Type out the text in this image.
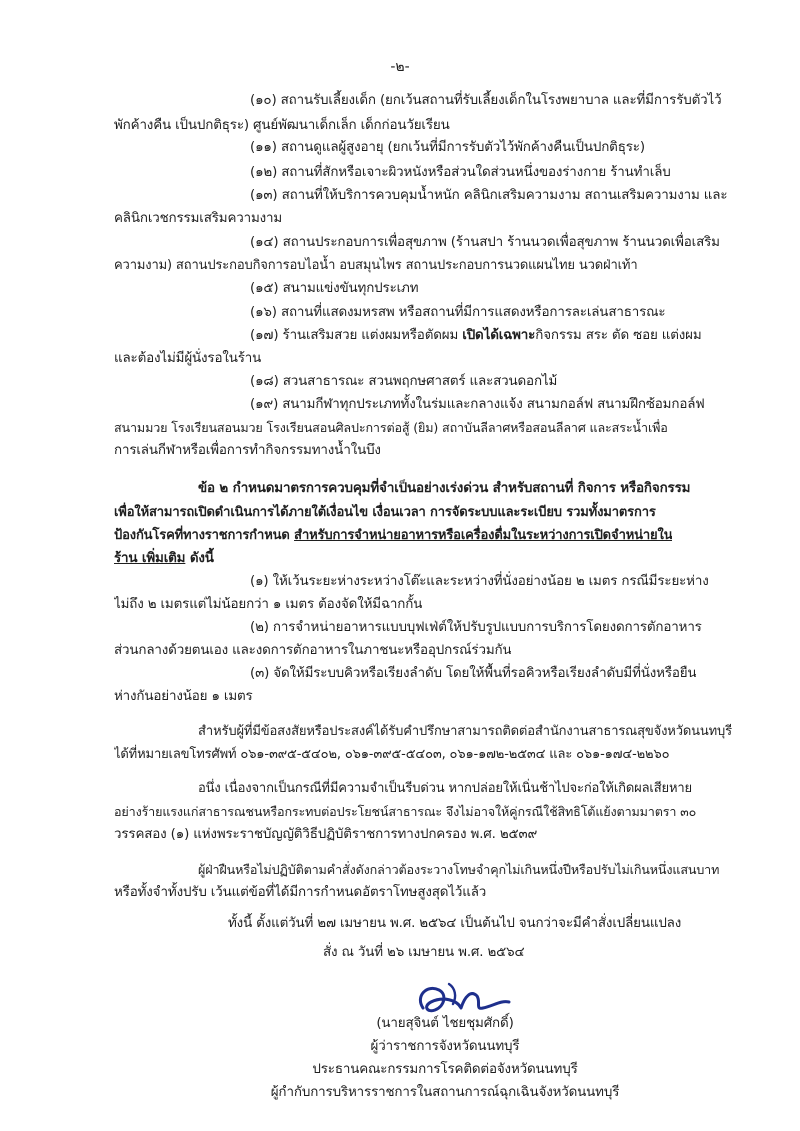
-๒-
(๑๐) สถานรับเลี้ยงเด็ก (ยกเว้นสถานที่รับเลี้ยงเด็กในโรงพยาบาล และที่มีการรับตัวไว้
พักค้างคืน เป็นปกติธุระ) ศูนย์พัฒนาเด็กเล็ก เด็กก่อนวัยเรียน
(๑๑) สถานดูแลผู้สูงอายุ (ยกเว้นที่มีการรับตัวไว้พักค้างคืนเป็นปกติธุระ)
(๑๒) สถานที่สักหรือเจาะผิวหนังหรือส่วนใดส่วนหนึ่งของร่างกาย ร้านทำเล็บ
(๑๓) สถานที่ให้บริการควบคุมน้ำหนัก คลินิกเสริมความงาม สถานเสริมความงาม และ
คลินิกเวชกรรมเสริมความงาม
(๑๔) สถานประกอบการเพื่อสุขภาพ (ร้านสปา ร้านนวดเพื่อสุขภาพ ร้านนวดเพื่อเสริม
ความงาม) สถานประกอบกิจการอบไอน้ำ อบสมุนไพร สถานประกอบการนวดแผนไทย นวดฝ่าเท้า
(๑๕) สนามแข่งขันทุกประเภท
(๑๖) สถานที่แสดงมหรสพ หรือสถานที่มีการแสดงหรือการละเล่นสาธารณะ
(๑๗) ร้านเสริมสวย แต่งผมหรือตัดผม เปิดได้เฉพาะกิจกรรม สระ ตัด ซอย แต่งผม
และต้องไม่มีผู้นั่งรอในร้าน
(๑๘) สวนสาธารณะ สวนพฤกษศาสตร์ และสวนดอกไม้
(๑๙) สนามกีฬาทุกประเภททั้งในร่มและกลางแจ้ง สนามกอล์ฟ สนามฝึกซ้อมกอล์ฟ
สนามมวย โรงเรียนสอนมวย โรงเรียนสอนศิลปะการต่อสู้ (ยิม) สถาบันลีลาศหรือสอนลีลาศ และสระน้ำเพื่อ
การเล่นกีฬาหรือเพื่อการทำกิจกรรมทางน้ำในบึง
ข้อ ๒ กำหนดมาตรการควบคุมที่จำเป็นอย่างเร่งด่วน สำหรับสถานที่ กิจการ หรือกิจกรรม
เพื่อให้สามารถเปิดดำเนินการได้ภายใต้เงื่อนไข เงื่อนเวลา การจัดระบบและระเบียบ รวมทั้งมาตรการ
ป้องกันโรคที่ทางราชการกำหนด สำหรับการจำหน่ายอาหารหรือเครื่องดื่มในระหว่างการเปิดจำหน่ายใน
ร้าน เพิ่มเติม ดังนี้
(๑) ให้เว้นระยะห่างระหว่างโต๊ะและระหว่างที่นั่งอย่างน้อย ๒ เมตร กรณีมีระยะห่าง
ไม่ถึง ๒ เมตรแต่ไม่น้อยกว่า ๑ เมตร ต้องจัดให้มีฉากกั้น
(๒) การจำหน่ายอาหารแบบบุฟเฟ่ต์ให้ปรับรูปแบบการบริการโดยงดการตักอาหาร
ส่วนกลางด้วยตนเอง และงดการตักอาหารในภาชนะหรืออุปกรณ์ร่วมกัน
(๓) จัดให้มีระบบคิวหรือเรียงลำดับ โดยให้พื้นที่รอคิวหรือเรียงลำดับมีที่นั่งหรือยืน
ห่างกันอย่างน้อย ๑ เมตร
สำหรับผู้ที่มีข้อสงสัยหรือประสงค์ได้รับคำปรึกษาสามารถติดต่อสำนักงานสาธารณสุขจังหวัดนนทบุรี
ได้ที่หมายเลขโทรศัพท์ ๐๖๑-๓๙๕-๕๔๐๒, ๐๖๑-๓๙๕-๕๔๐๓, ๐๖๑-๑๗๒-๒๕๓๔ และ ๐๖๑-๑๗๔-๒๒๖๐
อนึ่ง เนื่องจากเป็นกรณีที่มีความจำเป็นรีบด่วน หากปล่อยให้เนิ่นช้าไปจะก่อให้เกิดผลเสียหาย
อย่างร้ายแรงแก่สาธารณชนหรือกระทบต่อประโยชน์สาธารณะ จึงไม่อาจให้คู่กรณีใช้สิทธิโต้แย้งตามมาตรา ๓๐
วรรคสอง (๑) แห่งพระราชบัญญัติวิธีปฏิบัติราชการทางปกครอง พ.ศ. ๒๕๓๙
ผู้ฝ่าฝืนหรือไม่ปฏิบัติตามคำสั่งดังกล่าวต้องระวางโทษจำคุกไม่เกินหนึ่งปีหรือปรับไม่เกินหนึ่งแสนบาท
หรือทั้งจำทั้งปรับ เว้นแต่ข้อที่ได้มีการกำหนดอัตราโทษสูงสุดไว้แล้ว
ทั้งนี้ ตั้งแต่วันที่ ๒๗ เมษายน พ.ศ. ๒๕๖๔ เป็นต้นไป จนกว่าจะมีคำสั่งเปลี่ยนแปลง
สั่ง ณ วันที่ ๒๖ เมษายน พ.ศ. ๒๕๖๔
(นายสุจินต์ ไชยชุมศักดิ์)
ผู้ว่าราชการจังหวัดนนทบุรี
ประธานคณะกรรมการโรคติดต่อจังหวัดนนทบุรี
ผู้กำกับการบริหารราชการในสถานการณ์ฉุกเฉินจังหวัดนนทบุรี
